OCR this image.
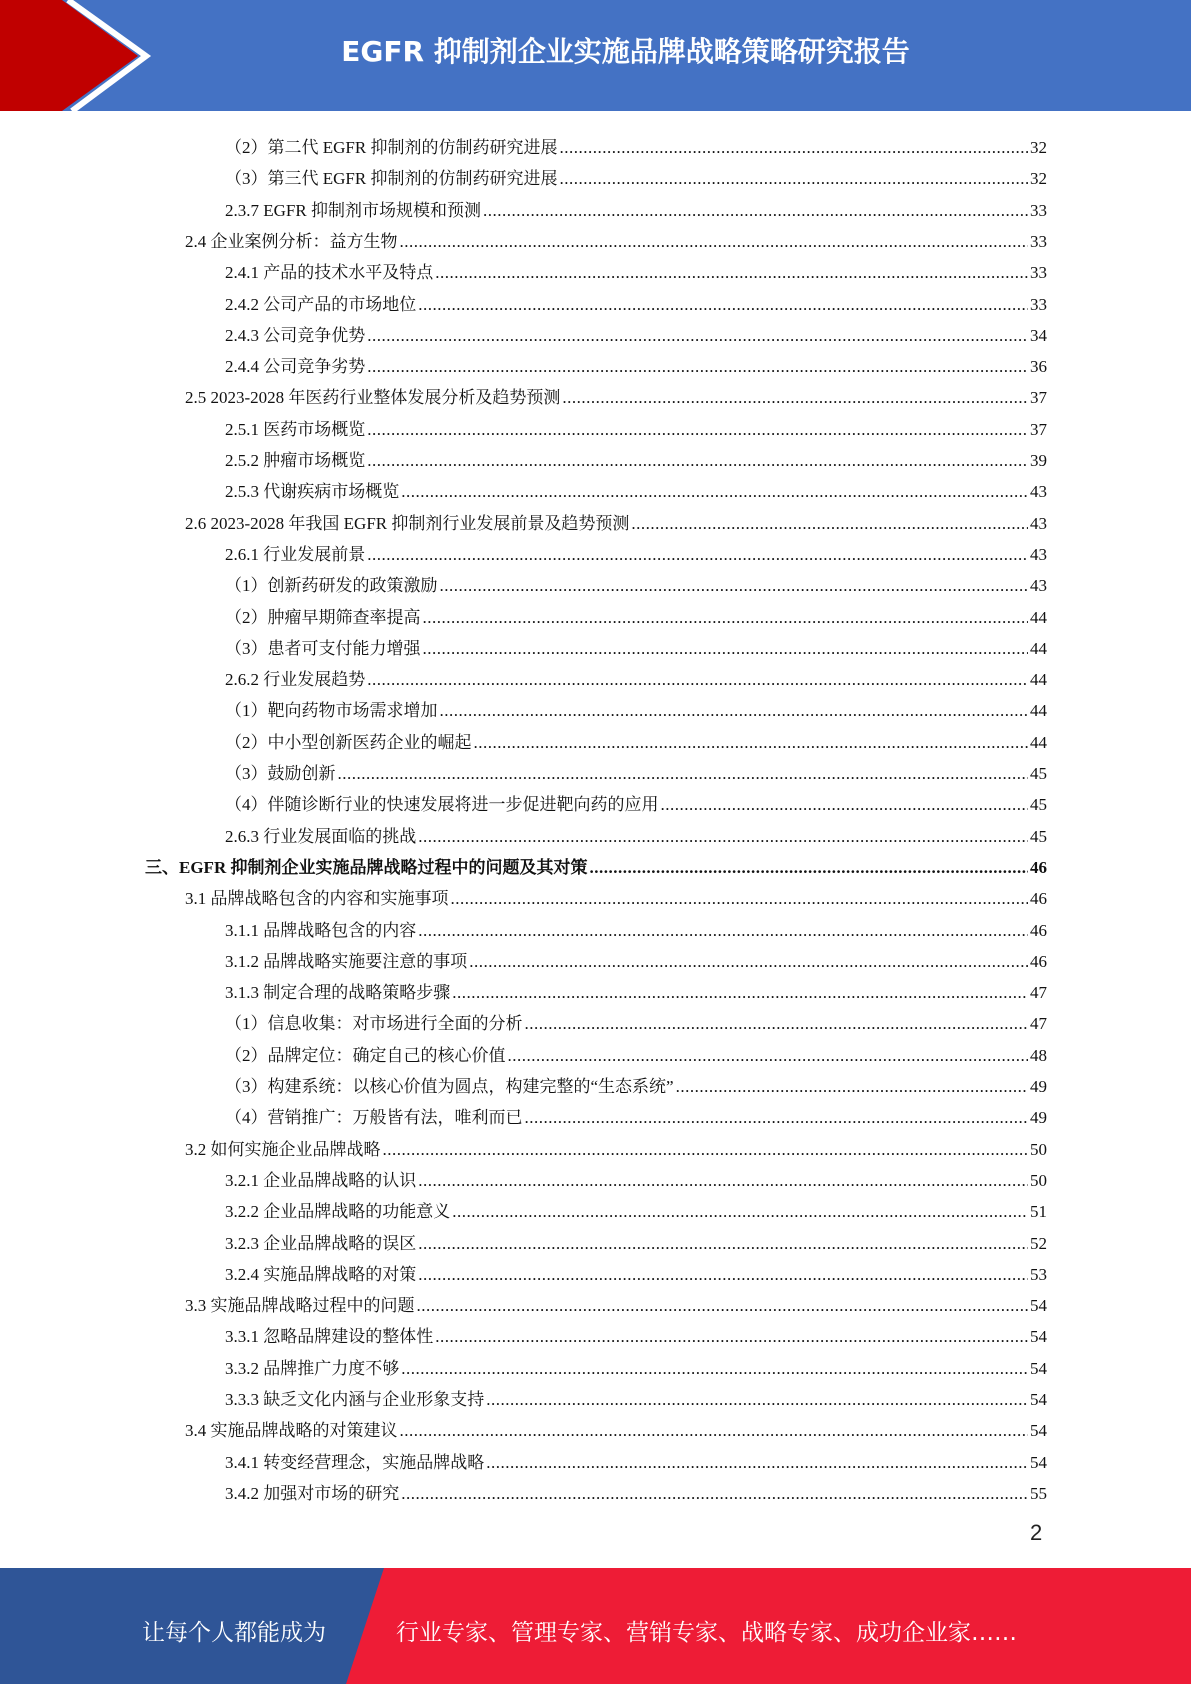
EGFR 抑制剂企业实施品牌战略策略研究报告
（2）第二代 EGFR 抑制剂的仿制药研究进展 .....	32
（3）第三代 EGFR 抑制剂的仿制药研究进展 .....	32
2.3.7 EGFR 抑制剂市场规模和预测 .....	33
2.4 企业案例分析：益方生物 .....	33
2.4.1 产品的技术水平及特点 .....	33
2.4.2 公司产品的市场地位 .....	33
2.4.3 公司竞争优势 .....	34
2.4.4 公司竞争劣势 .....	36
2.5 2023-2028 年医药行业整体发展分析及趋势预测 .....	37
2.5.1 医药市场概览 .....	37
2.5.2 肿瘤市场概览 .....	39
2.5.3 代谢疾病市场概览 .....	43
2.6 2023-2028 年我国 EGFR 抑制剂行业发展前景及趋势预测 .....	43
2.6.1 行业发展前景 .....	43
（1）创新药研发的政策激励 .....	43
（2）肿瘤早期筛查率提高 .....	44
（3）患者可支付能力增强 .....	44
2.6.2 行业发展趋势 .....	44
（1）靶向药物市场需求增加 .....	44
（2）中小型创新医药企业的崛起 .....	44
（3）鼓励创新 .....	45
（4）伴随诊断行业的快速发展将进一步促进靶向药的应用 .....	45
2.6.3 行业发展面临的挑战 .....	45
三、EGFR 抑制剂企业实施品牌战略过程中的问题及其对策 .....	46
3.1 品牌战略包含的内容和实施事项 .....	46
3.1.1 品牌战略包含的内容 .....	46
3.1.2 品牌战略实施要注意的事项 .....	46
3.1.3 制定合理的战略策略步骤 .....	47
（1）信息收集：对市场进行全面的分析 .....	47
（2）品牌定位：确定自己的核心价值 .....	48
（3）构建系统：以核心价值为圆点，构建完整的“生态系统” .....	49
（4）营销推广：万般皆有法，唯利而已 .....	49
3.2 如何实施企业品牌战略 .....	50
3.2.1 企业品牌战略的认识 .....	50
3.2.2 企业品牌战略的功能意义 .....	51
3.2.3 企业品牌战略的误区 .....	52
3.2.4 实施品牌战略的对策 .....	53
3.3 实施品牌战略过程中的问题 .....	54
3.3.1 忽略品牌建设的整体性 .....	54
3.3.2 品牌推广力度不够 .....	54
3.3.3 缺乏文化内涵与企业形象支持 .....	54
3.4 实施品牌战略的对策建议 .....	54
3.4.1 转变经营理念，实施品牌战略 .....	54
3.4.2 加强对市场的研究 .....	55
2
让每个人都能成为	行业专家、管理专家、营销专家、战略专家、成功企业家……
